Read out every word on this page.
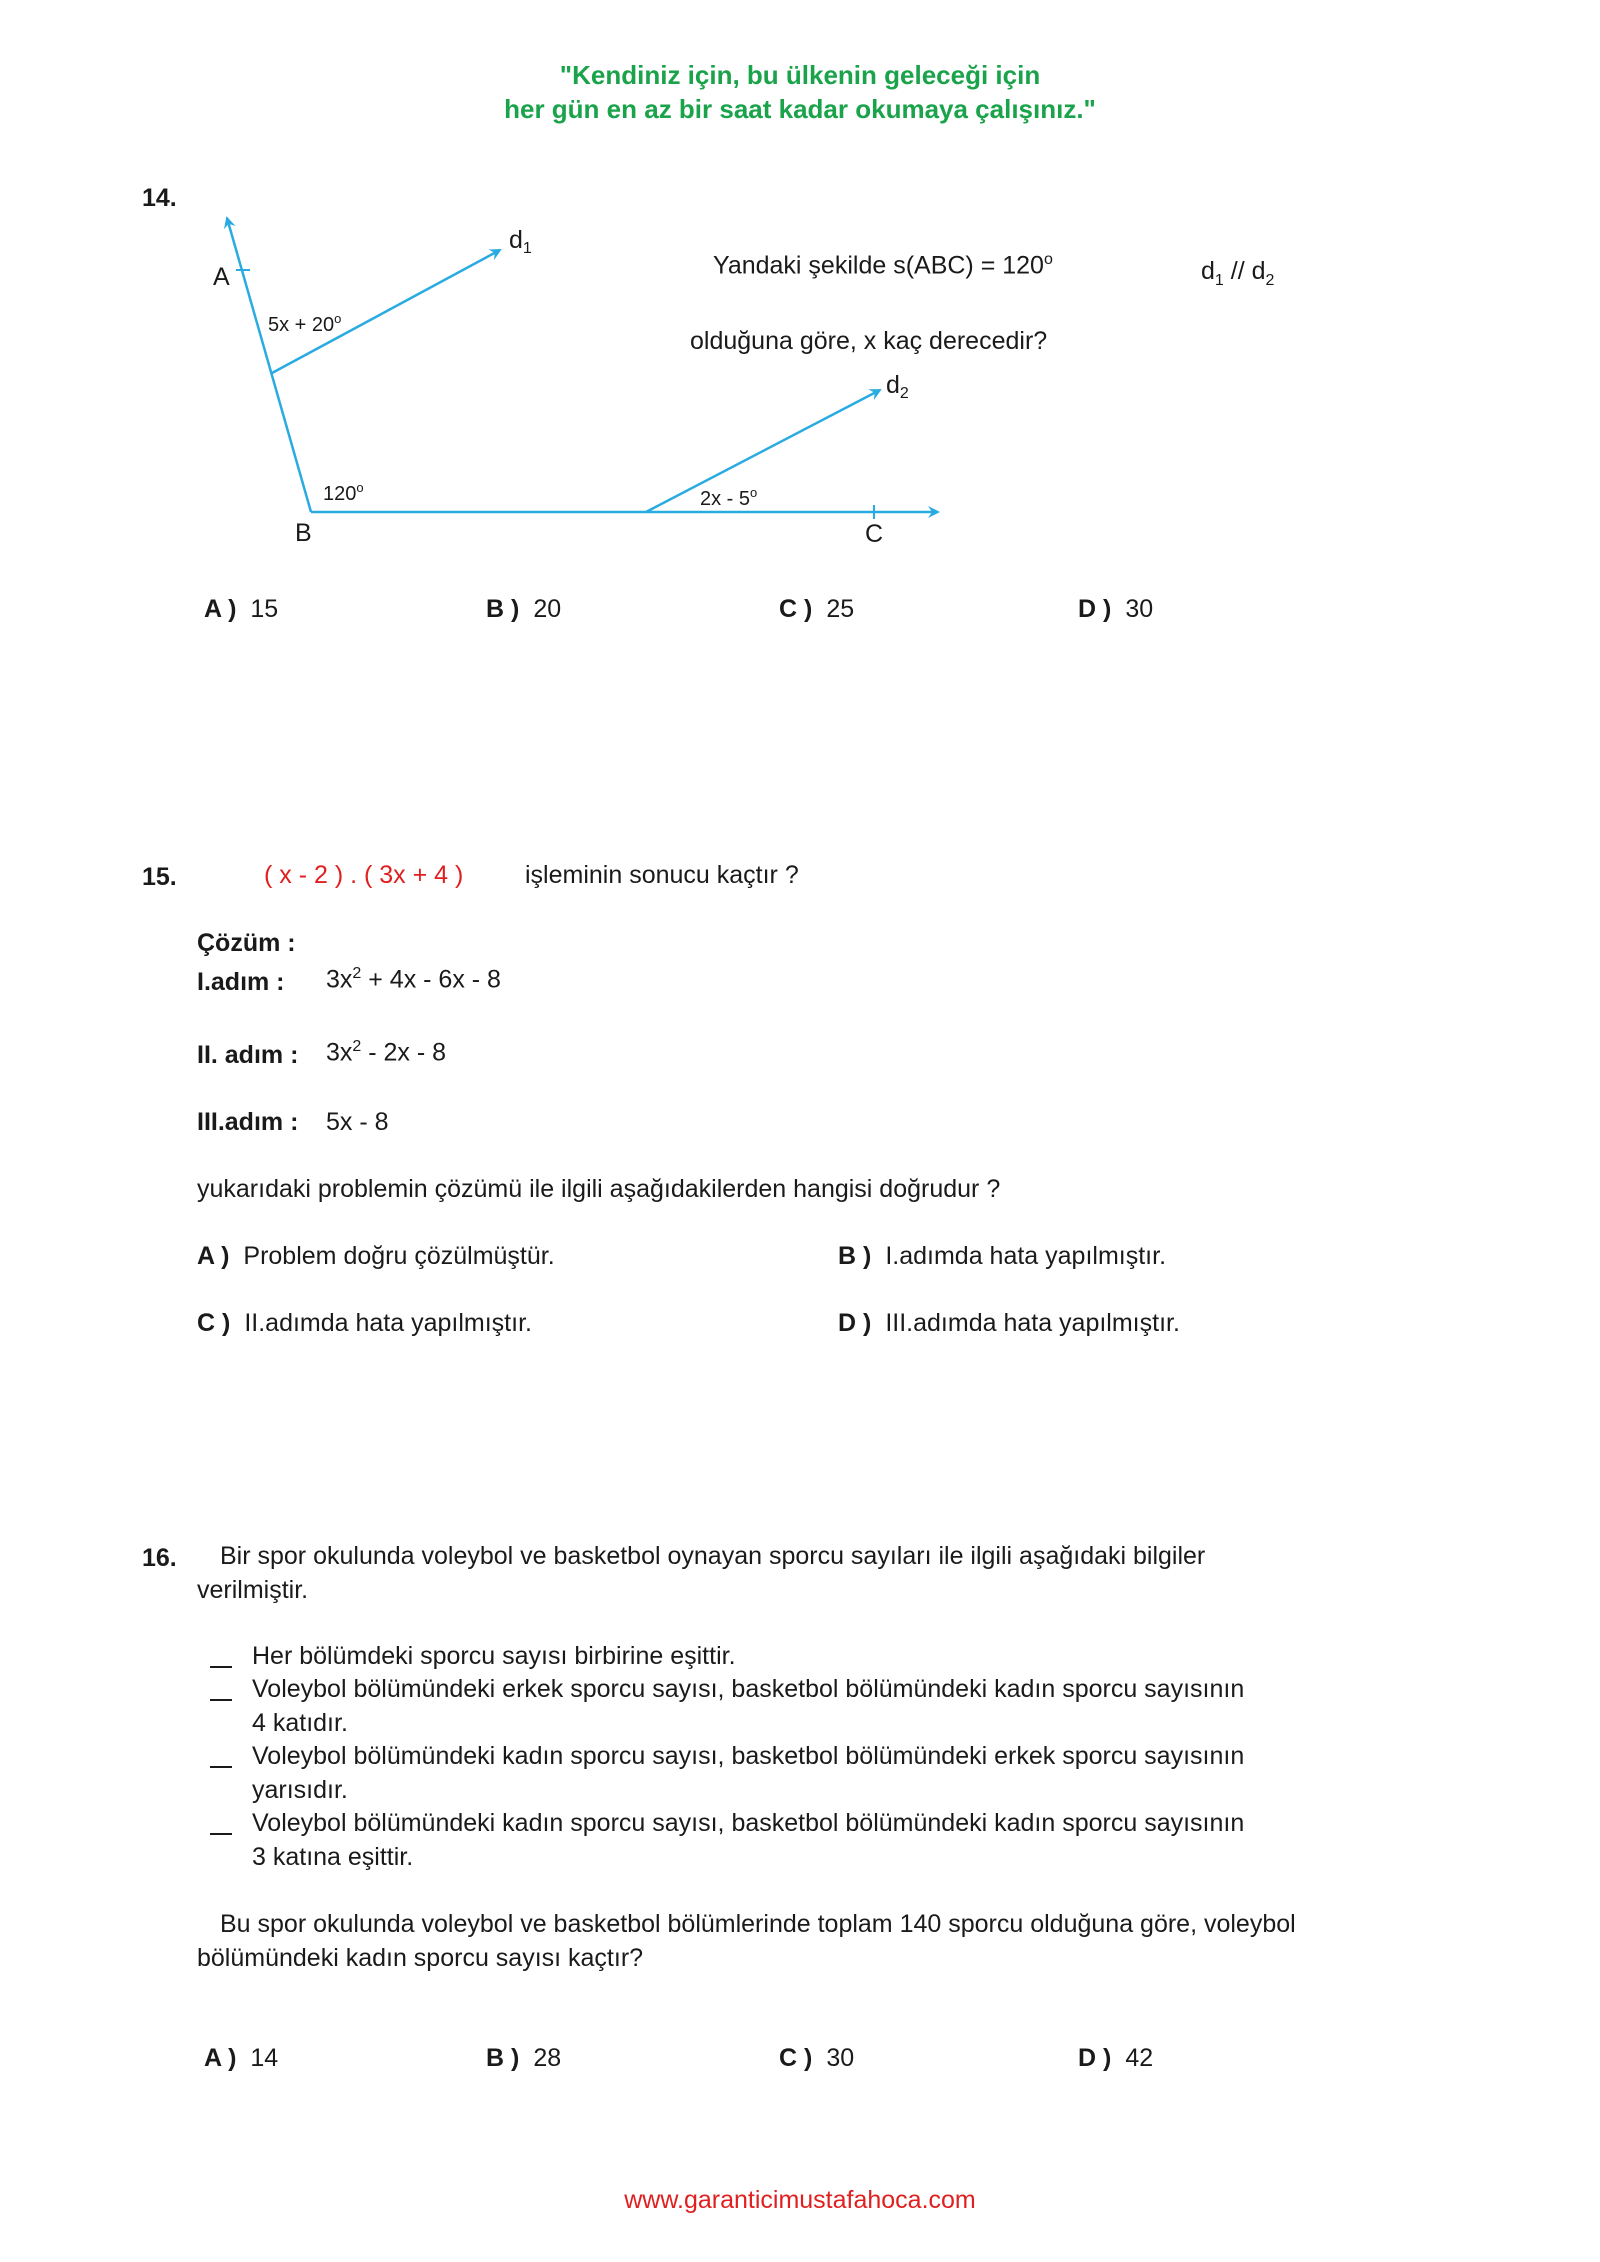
"Kendiniz için, bu ülkenin geleceği için
her gün en az bir saat kadar okumaya çalışınız."
14.
A
B	C
$d_1$
$d_2$
$5x + 20^o$
120$^o$
2x - 5$^o$
Yandaki şekilde $s(ABC) = 120^o$	$d_1 // d_2$
olduğuna göre, x kaç derecedir?
A ) 15	B ) 20	C ) 25	D ) 30
15.	( x - 2 ) . ( 3x + 4 ) işleminin sonucu kaçtır ?
Çözüm :
I.adım : $3x^2 + 4x - 6x - 8$
II. adım : $3x^2 - 2x - 8$
III.adım : 5x - 8
yukarıdaki problemin çözümü ile ilgili aşağıdakilerden hangisi doğrudur ?
A ) Problem doğru çözülmüştür.	B ) I.adımda hata yapılmıştır.
C ) II.adımda hata yapılmıştır.	D ) III.adımda hata yapılmıştır.
16. Bir spor okulunda voleybol ve basketbol oynayan sporcu sayıları ile ilgili aşağıdaki bilgiler
verilmiştir.
Her bölümdeki sporcu sayısı birbirine eşittir.
Voleybol bölümündeki erkek sporcu sayısı, basketbol bölümündeki kadın sporcu sayısının
4 katıdır.
Voleybol bölümündeki kadın sporcu sayısı, basketbol bölümündeki erkek sporcu sayısının
yarısıdır.
Voleybol bölümündeki kadın sporcu sayısı, basketbol bölümündeki kadın sporcu sayısının
3 katına eşittir.
Bu spor okulunda voleybol ve basketbol bölümlerinde toplam 140 sporcu olduğuna göre, voleybol
bölümündeki kadın sporcu sayısı kaçtır?
A ) 14	B ) 28	C ) 30	D ) 42
www.garanticimustafahoca.com
